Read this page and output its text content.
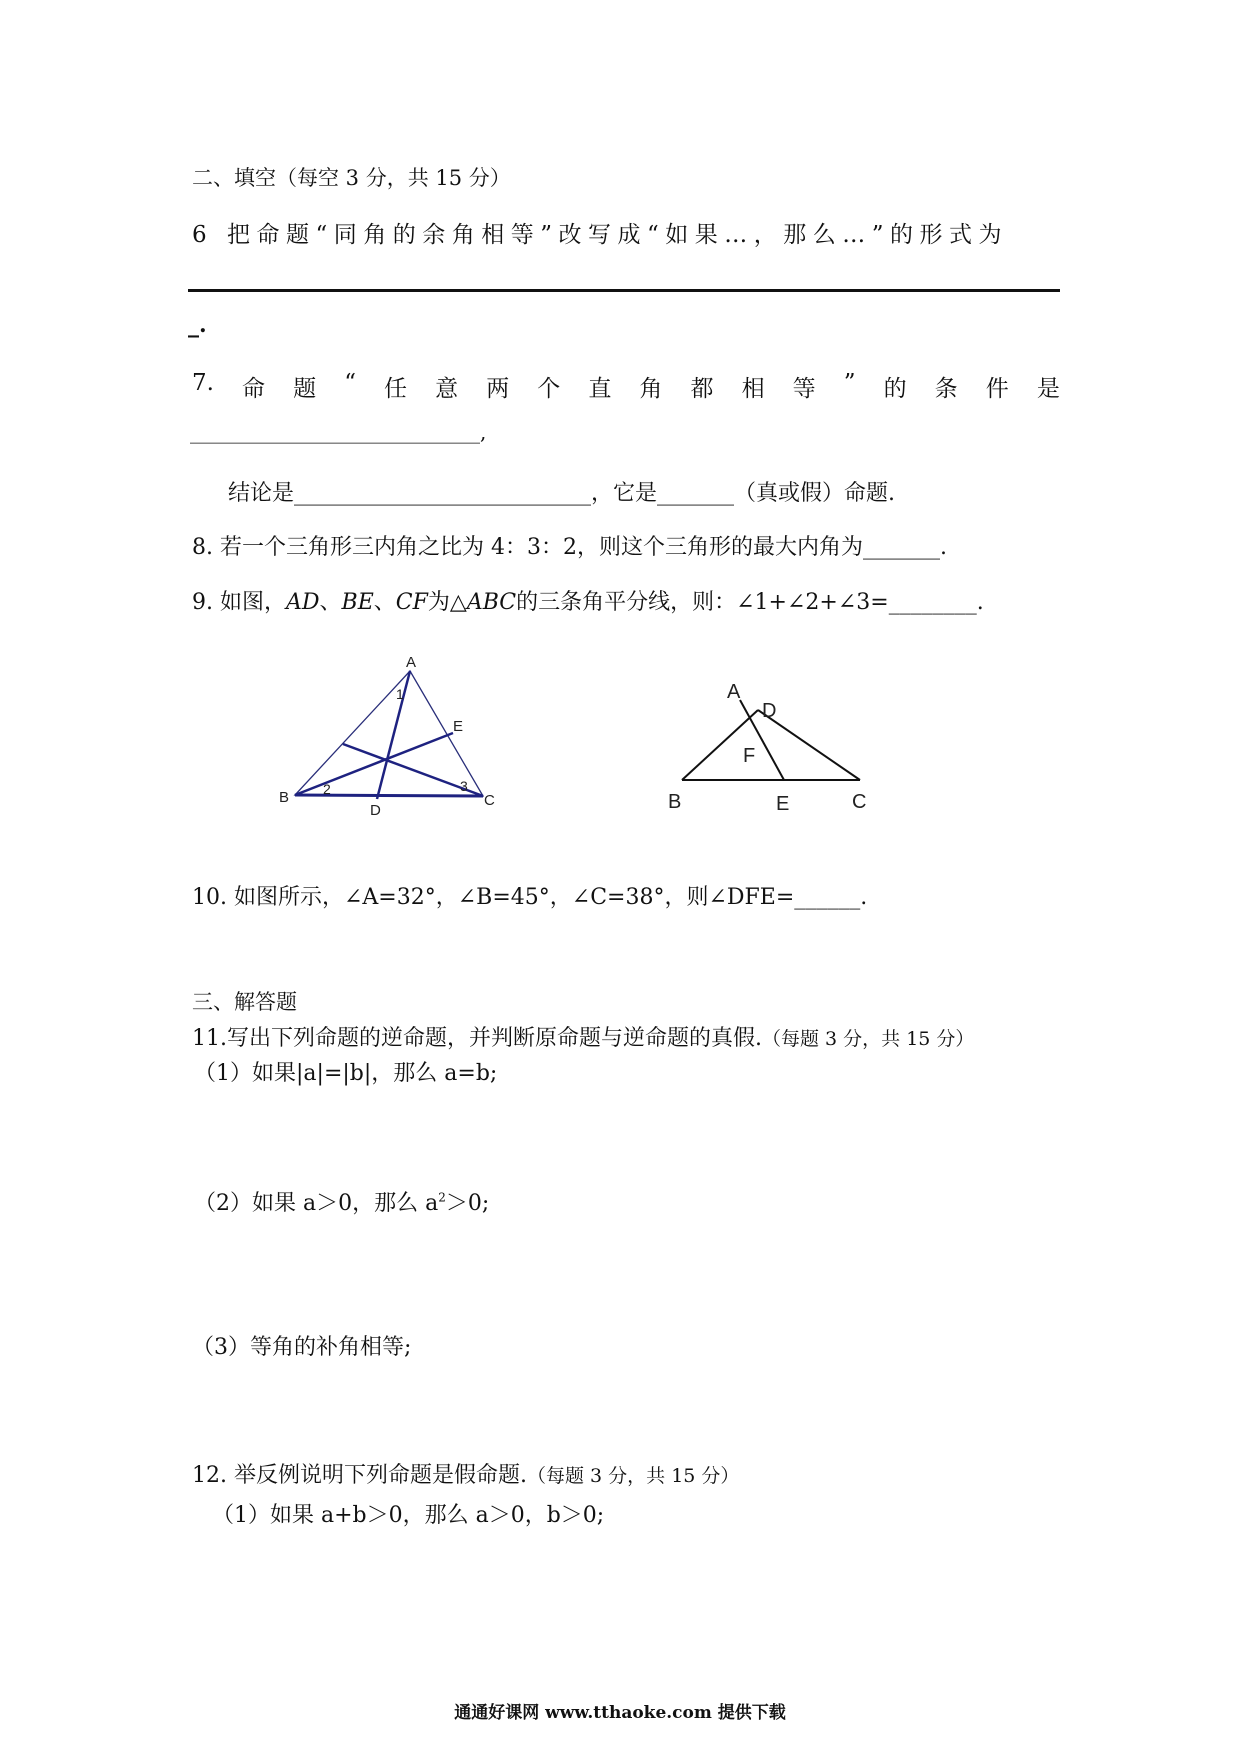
二、填空（每空 3 分，共 15 分）
6 把命题“同角的余角相等”改写成“如果…，那么…”的形式为
_.
7. 命 题 “ 任 意 两 个 直 角 都 相 等 ” 的 条 件 是
_____________________________,
结论是___________________________，它是_______（真或假）命题.
8. 若一个三角形三内角之比为 4：3：2，则这个三角形的最大内角为_______.
9. 如图，AD、BE、CF为△ABC的三条角平分线，则：∠1+∠2+∠3=________.
A
B	C
D
E
1
2	3
A
D
F
B	E	C
10. 如图所示，∠A=32°，∠B=45°，∠C=38°，则∠DFE=______.
三、解答题
11.写出下列命题的逆命题，并判断原命题与逆命题的真假.（每题 3 分，共 15 分）
（1）如果|a|=|b|，那么 a=b;
（2）如果 a＞0，那么 $a^2>0$;
（3）等角的补角相等;
12. 举反例说明下列命题是假命题.（每题 3 分，共 15 分）
（1）如果 a+b＞0，那么 a＞0，b＞0;
通通好课网 www.tthaoke.com 提供下载
